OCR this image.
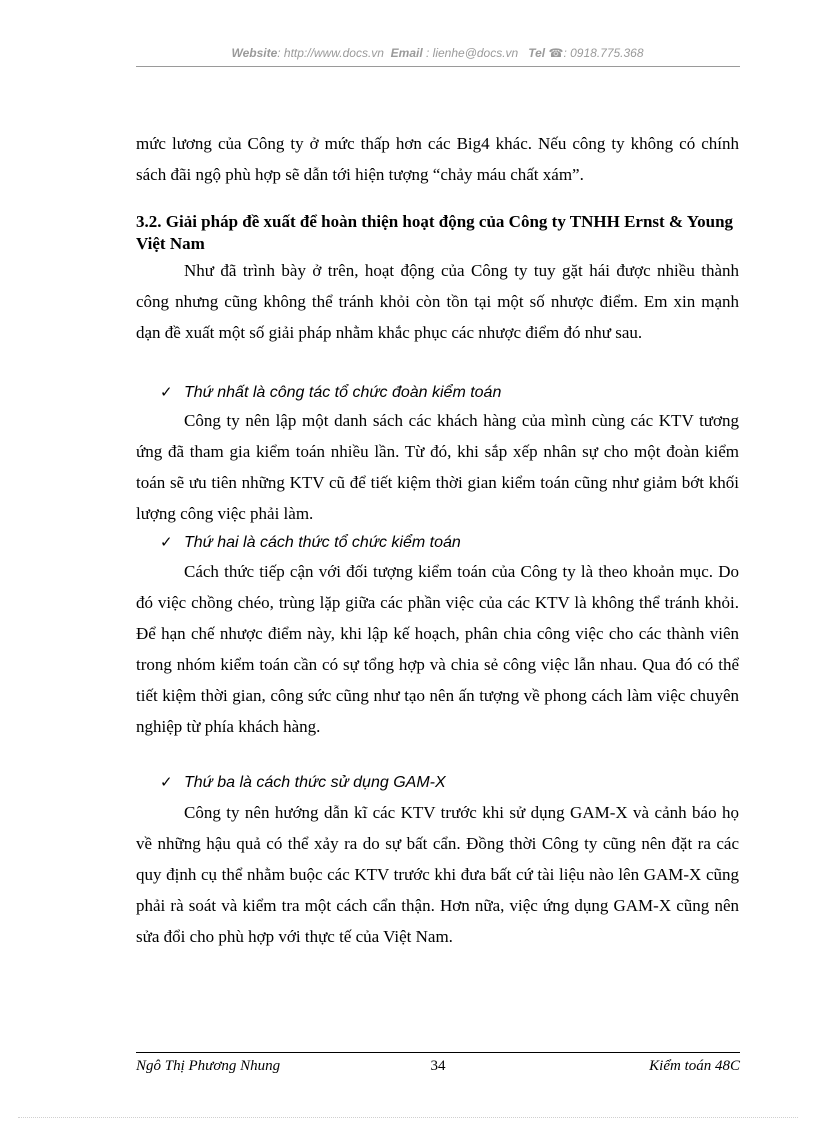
Website: http://www.docs.vn Email : lienhe@docs.vn Tel ☎: 0918.775.368
mức lương của Công ty ở mức thấp hơn các Big4 khác. Nếu công ty không có chính sách đãi ngộ phù hợp sẽ dẫn tới hiện tượng “chảy máu chất xám”.
3.2. Giải pháp đề xuất để hoàn thiện hoạt động của Công ty TNHH Ernst & Young Việt Nam
Như đã trình bày ở trên, hoạt động của Công ty tuy gặt hái được nhiều thành công nhưng cũng không thể tránh khỏi còn tồn tại một số nhược điểm. Em xin mạnh dạn đề xuất một số giải pháp nhằm khắc phục các nhược điểm đó như sau.
✓ Thứ nhất là công tác tổ chức đoàn kiểm toán
Công ty nên lập một danh sách các khách hàng của mình cùng các KTV tương ứng đã tham gia kiểm toán nhiều lần. Từ đó, khi sắp xếp nhân sự cho một đoàn kiểm toán sẽ ưu tiên những KTV cũ để tiết kiệm thời gian kiểm toán cũng như giảm bớt khối lượng công việc phải làm.
✓ Thứ hai là cách thức tổ chức kiểm toán
Cách thức tiếp cận với đối tượng kiểm toán của Công ty là theo khoản mục. Do đó việc chồng chéo, trùng lặp giữa các phần việc của các KTV là không thể tránh khỏi. Để hạn chế nhược điểm này, khi lập kế hoạch, phân chia công việc cho các thành viên trong nhóm kiểm toán cần có sự tổng hợp và chia sẻ công việc lẫn nhau. Qua đó có thể tiết kiệm thời gian, công sức cũng như tạo nên ấn tượng về phong cách làm việc chuyên nghiệp từ phía khách hàng.
✓ Thứ ba là cách thức sử dụng GAM-X
Công ty nên hướng dẫn kĩ các KTV trước khi sử dụng GAM-X và cảnh báo họ về những hậu quả có thể xảy ra do sự bất cẩn. Đồng thời Công ty cũng nên đặt ra các quy định cụ thể nhằm buộc các KTV trước khi đưa bất cứ tài liệu nào lên GAM-X cũng phải rà soát và kiểm tra một cách cẩn thận. Hơn nữa, việc ứng dụng GAM-X cũng nên sửa đổi cho phù hợp với thực tế của Việt Nam.
Ngô Thị Phương Nhung	34	Kiểm toán 48C
